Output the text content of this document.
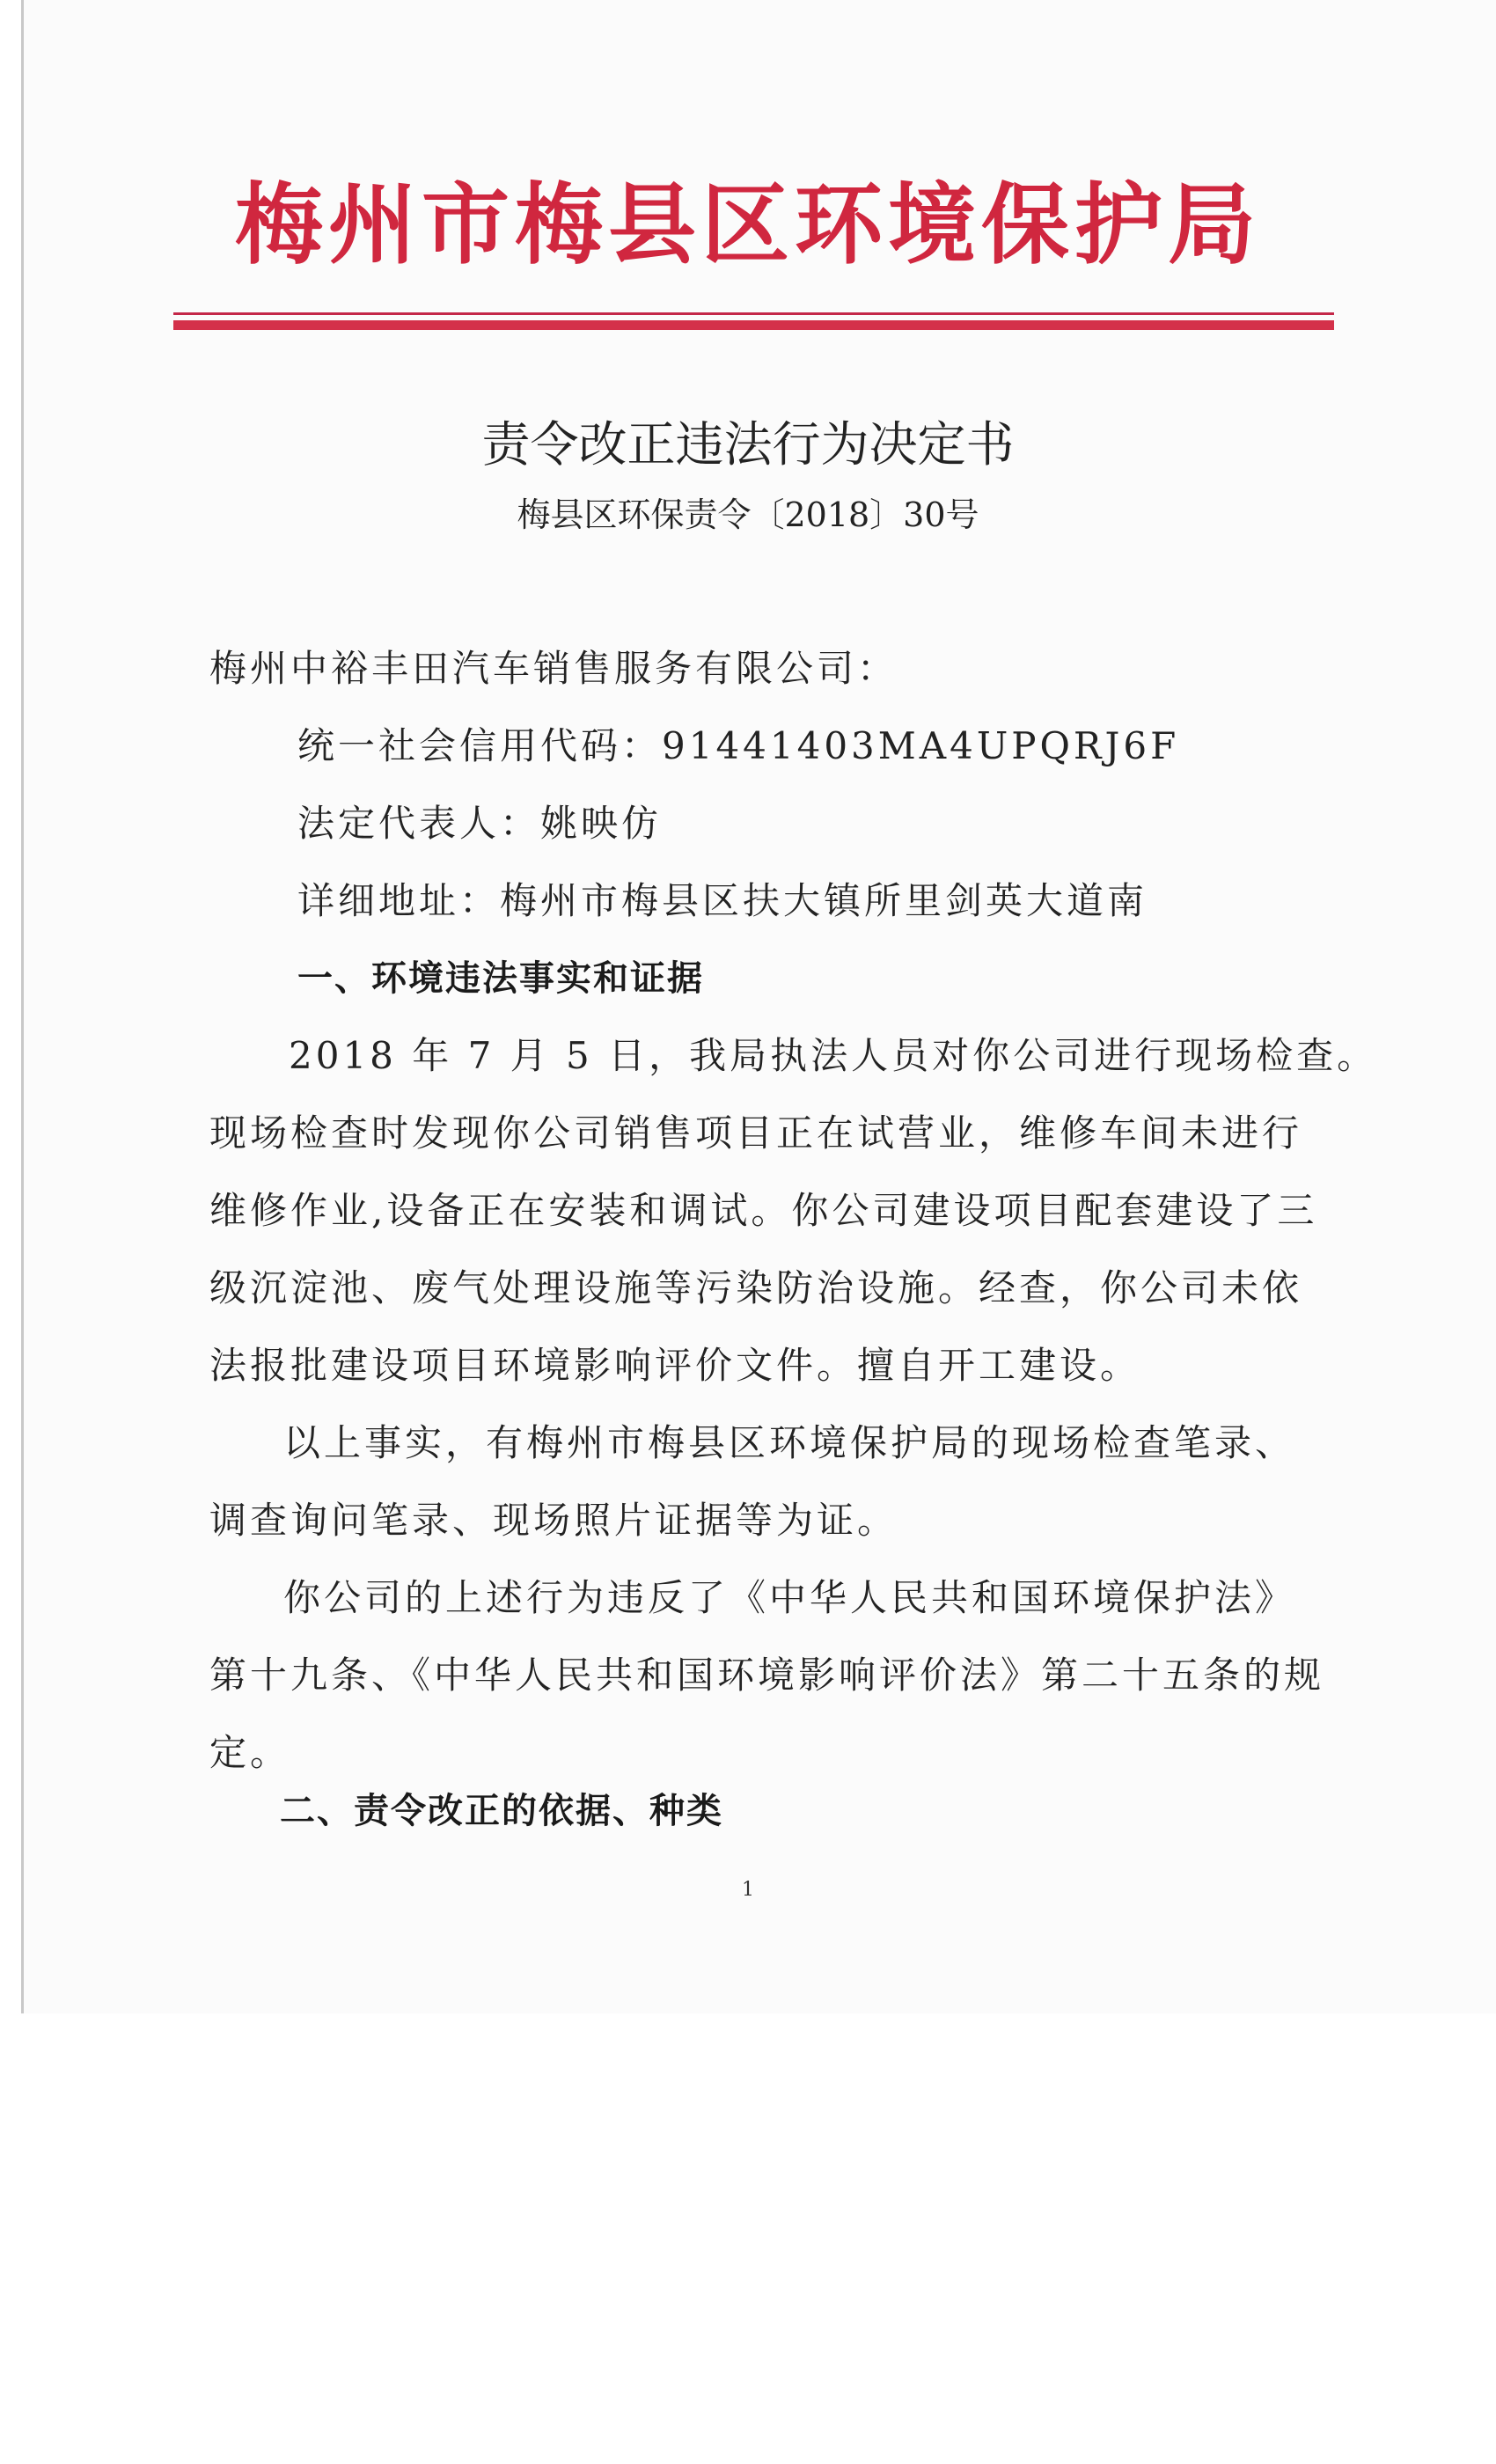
梅州市梅县区环境保护局
责令改正违法行为决定书
梅县区环保责令〔2018〕30号
梅州中裕丰田汽车销售服务有限公司：
统一社会信用代码：91441403MA4UPQRJ6F
法定代表人：姚映仿
详细地址：梅州市梅县区扶大镇所里剑英大道南
一、环境违法事实和证据
2018 年 7 月 5 日，我局执法人员对你公司进行现场检查。
现场检查时发现你公司销售项目正在试营业，维修车间未进行
维修作业,设备正在安装和调试。你公司建设项目配套建设了三
级沉淀池、废气处理设施等污染防治设施。经查，你公司未依
法报批建设项目环境影响评价文件。擅自开工建设。
以上事实，有梅州市梅县区环境保护局的现场检查笔录、
调查询问笔录、现场照片证据等为证。
你公司的上述行为违反了《中华人民共和国环境保护法》
第十九条、《中华人民共和国环境影响评价法》第二十五条的规
定。
二、责令改正的依据、种类
1
